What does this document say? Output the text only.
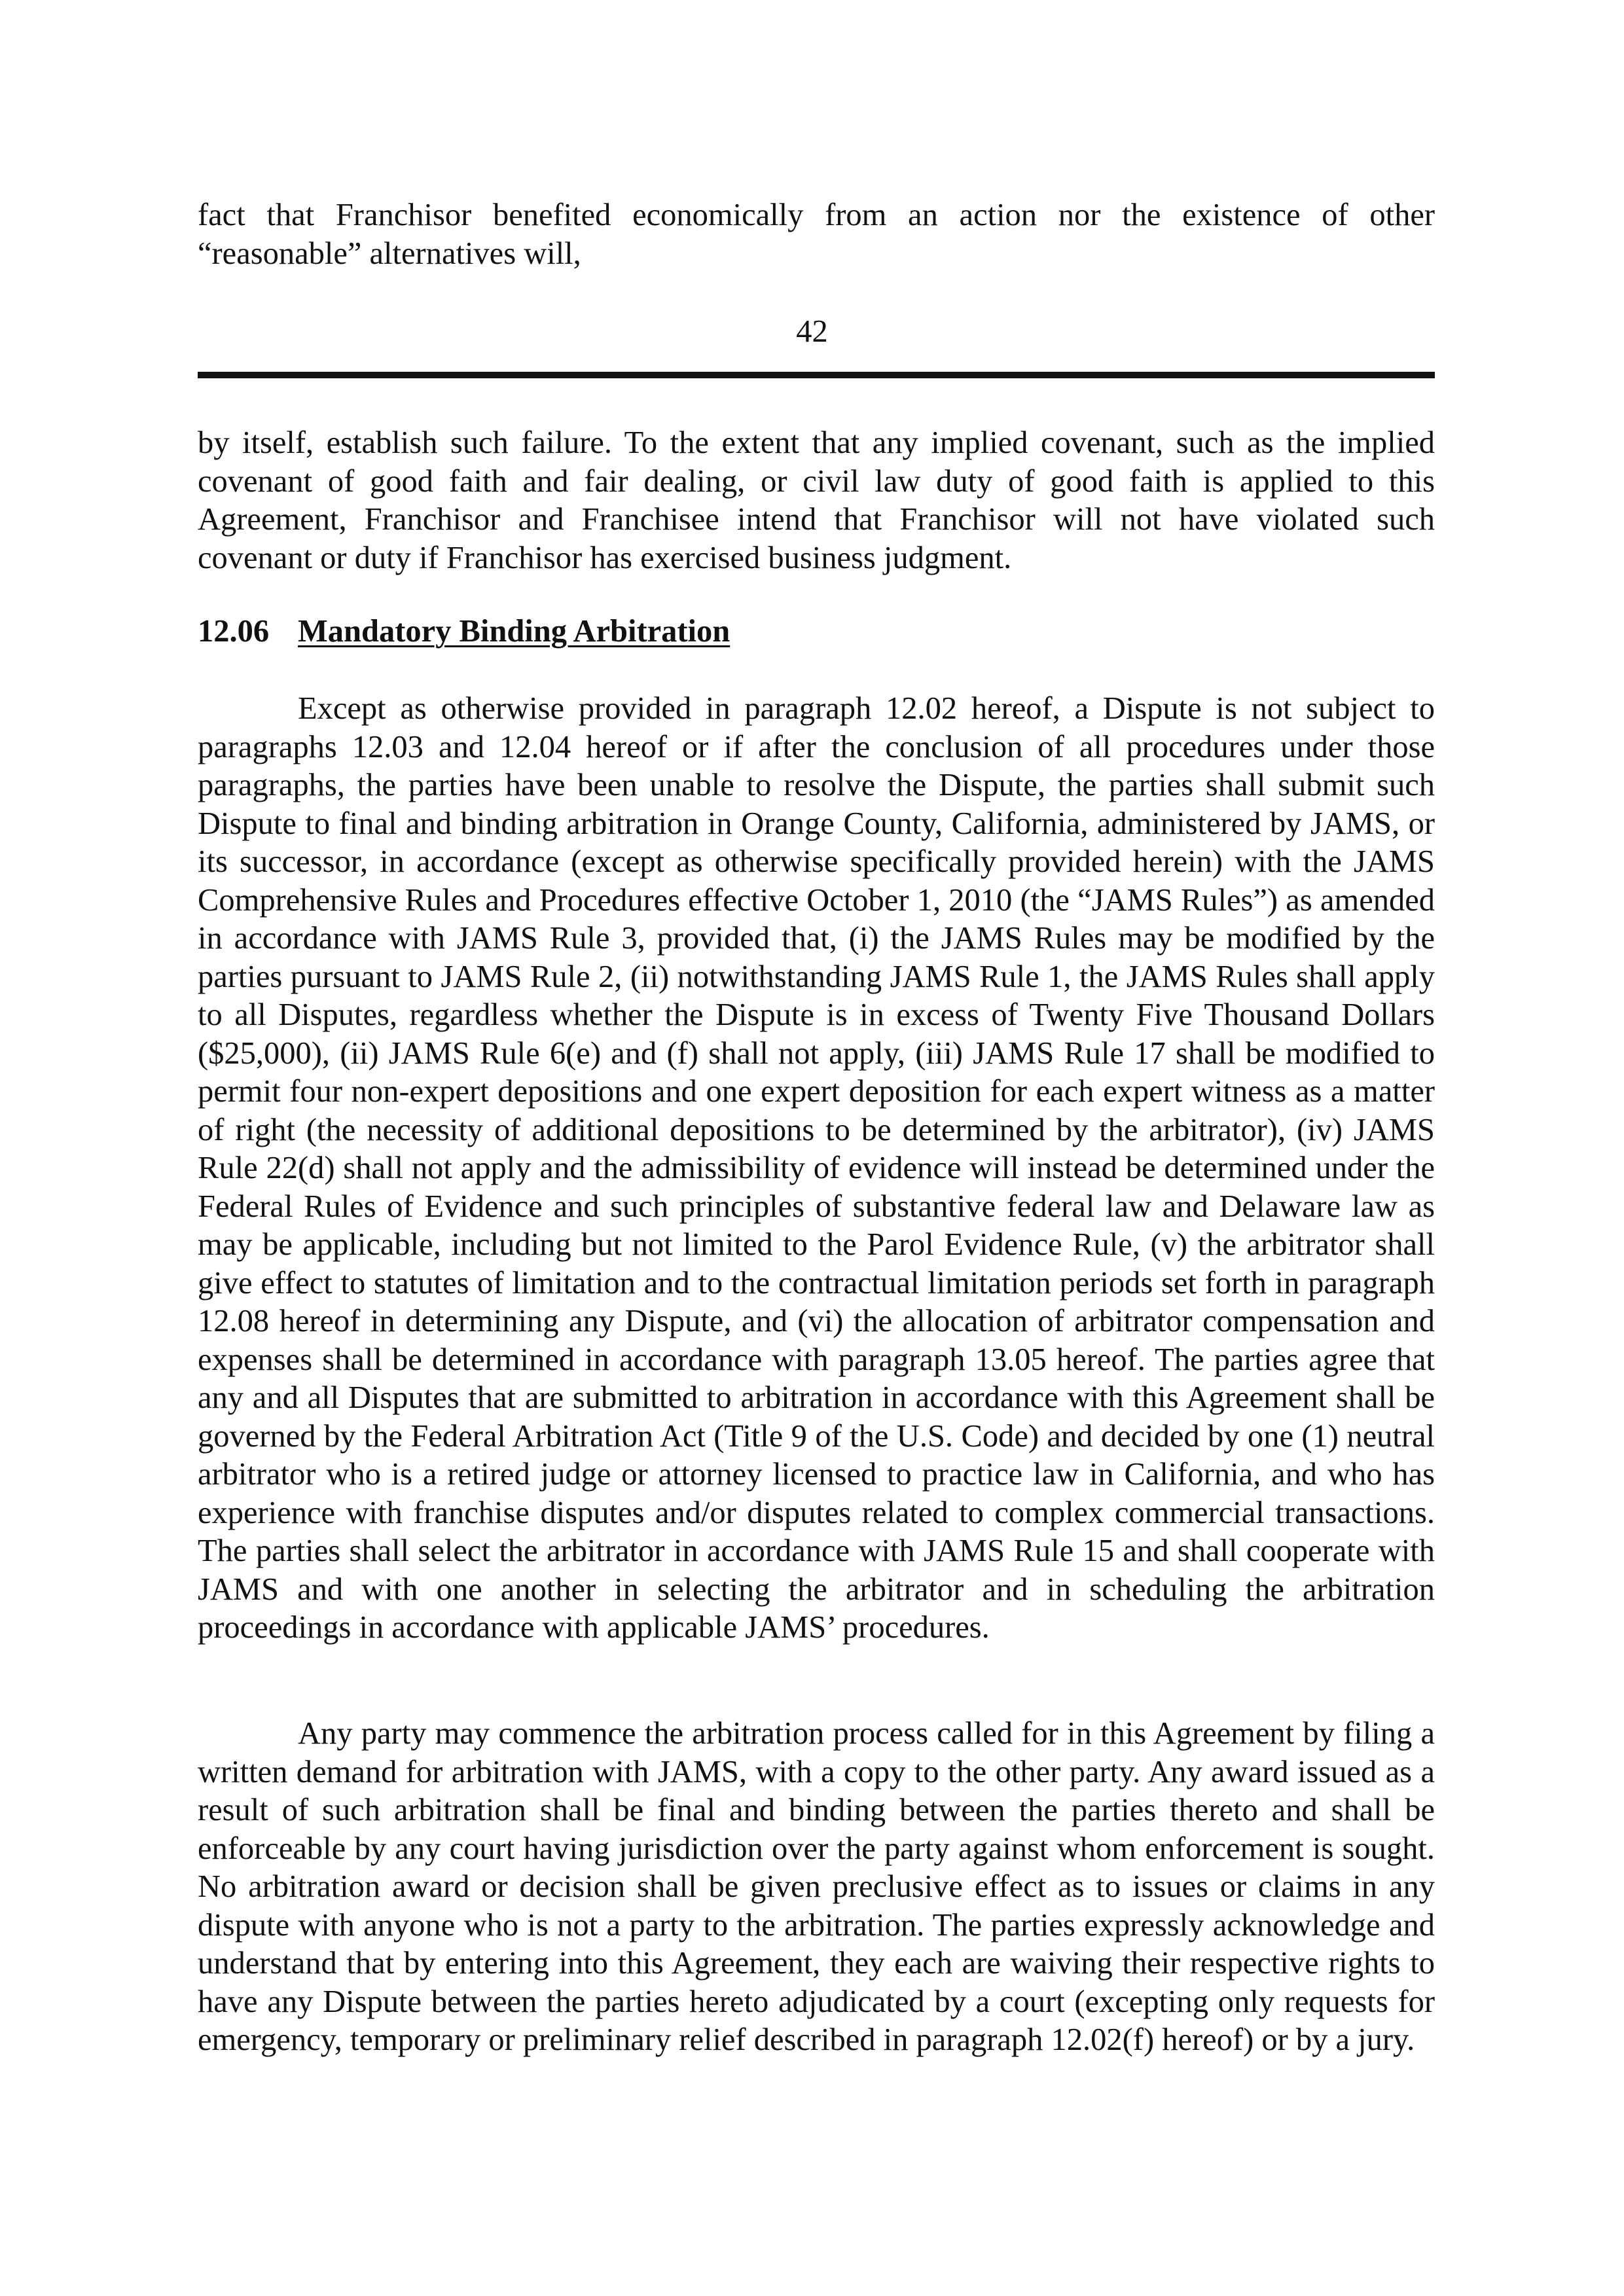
fact that Franchisor benefited economically from an action nor the existence of other “reasonable” alternatives will,

42

by itself, establish such failure. To the extent that any implied covenant, such as the implied covenant of good faith and fair dealing, or civil law duty of good faith is applied to this Agreement, Franchisor and Franchisee intend that Franchisor will not have violated such covenant or duty if Franchisor has exercised business judgment.

12.06 Mandatory Binding Arbitration

Except as otherwise provided in paragraph 12.02 hereof, a Dispute is not subject to paragraphs 12.03 and 12.04 hereof or if after the conclusion of all procedures under those paragraphs, the parties have been unable to resolve the Dispute, the parties shall submit such Dispute to final and binding arbitration in Orange County, California, administered by JAMS, or its successor, in accordance (except as otherwise specifically provided herein) with the JAMS Comprehensive Rules and Procedures effective October 1, 2010 (the “JAMS Rules”) as amended in accordance with JAMS Rule 3, provided that, (i) the JAMS Rules may be modified by the parties pursuant to JAMS Rule 2, (ii) notwithstanding JAMS Rule 1, the JAMS Rules shall apply to all Disputes, regardless whether the Dispute is in excess of Twenty Five Thousand Dollars ($25,000), (ii) JAMS Rule 6(e) and (f) shall not apply, (iii) JAMS Rule 17 shall be modified to permit four non-expert depositions and one expert deposition for each expert witness as a matter of right (the necessity of additional depositions to be determined by the arbitrator), (iv) JAMS Rule 22(d) shall not apply and the admissibility of evidence will instead be determined under the Federal Rules of Evidence and such principles of substantive federal law and Delaware law as may be applicable, including but not limited to the Parol Evidence Rule, (v) the arbitrator shall give effect to statutes of limitation and to the contractual limitation periods set forth in paragraph 12.08 hereof in determining any Dispute, and (vi) the allocation of arbitrator compensation and expenses shall be determined in accordance with paragraph 13.05 hereof. The parties agree that any and all Disputes that are submitted to arbitration in accordance with this Agreement shall be governed by the Federal Arbitration Act (Title 9 of the U.S. Code) and decided by one (1) neutral arbitrator who is a retired judge or attorney licensed to practice law in California, and who has experience with franchise disputes and/or disputes related to complex commercial transactions. The parties shall select the arbitrator in accordance with JAMS Rule 15 and shall cooperate with JAMS and with one another in selecting the arbitrator and in scheduling the arbitration proceedings in accordance with applicable JAMS’ procedures.

Any party may commence the arbitration process called for in this Agreement by filing a written demand for arbitration with JAMS, with a copy to the other party. Any award issued as a result of such arbitration shall be final and binding between the parties thereto and shall be enforceable by any court having jurisdiction over the party against whom enforcement is sought. No arbitration award or decision shall be given preclusive effect as to issues or claims in any dispute with anyone who is not a party to the arbitration. The parties expressly acknowledge and understand that by entering into this Agreement, they each are waiving their respective rights to have any Dispute between the parties hereto adjudicated by a court (excepting only requests for emergency, temporary or preliminary relief described in paragraph 12.02(f) hereof) or by a jury.
